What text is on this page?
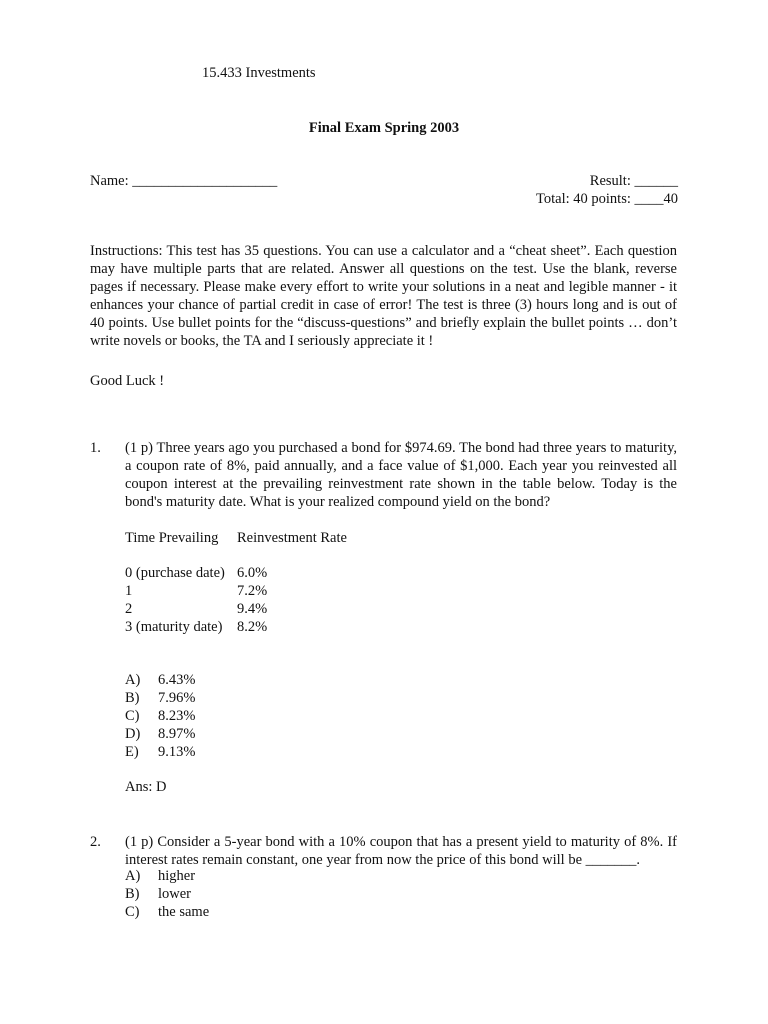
15.433 Investments
Final Exam Spring 2003
Name: ____________________	Result: ______
Total: 40 points: ____40
Instructions: This test has 35 questions. You can use a calculator and a “cheat sheet”. Each question may have multiple parts that are related. Answer all questions on the test. Use the blank, reverse pages if necessary. Please make every effort to write your solutions in a neat and legible manner - it enhances your chance of partial credit in case of error! The test is three (3) hours long and is out of 40 points. Use bullet points for the “discuss-questions” and briefly explain the bullet points … don’t write novels or books, the TA and I seriously appreciate it !
Good Luck !
1. (1 p) Three years ago you purchased a bond for $974.69. The bond had three years to maturity, a coupon rate of 8%, paid annually, and a face value of $1,000. Each year you reinvested all coupon interest at the prevailing reinvestment rate shown in the table below. Today is the bond's maturity date. What is your realized compound yield on the bond?
Time Prevailing Reinvestment Rate
0 (purchase date) 6.0%
1	7.2%
2	9.4%
3 (maturity date) 8.2%
A) 6.43%
B) 7.96%
C) 8.23%
D) 8.97%
E) 9.13%
Ans: D
2. (1 p) Consider a 5-year bond with a 10% coupon that has a present yield to maturity of 8%. If interest rates remain constant, one year from now the price of this bond will be _______.
A) higher
B) lower
C) the same
